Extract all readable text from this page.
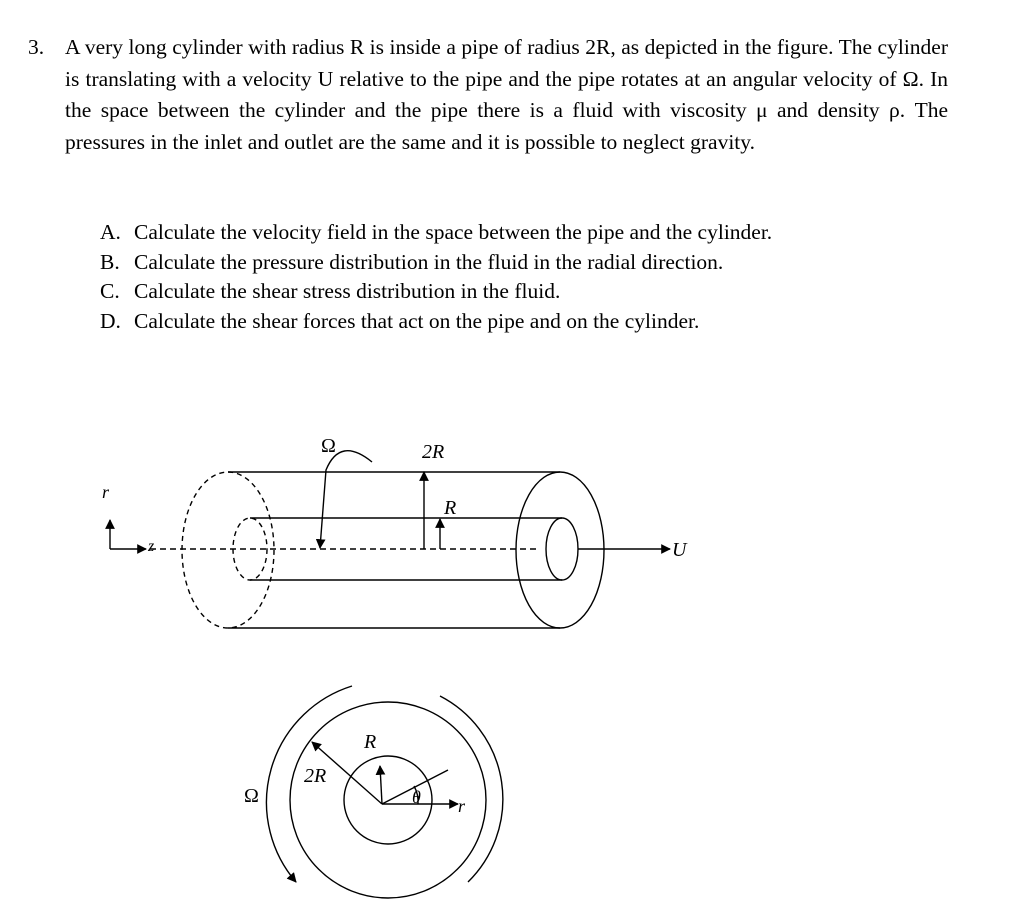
3. A very long cylinder with radius R is inside a pipe of radius 2R, as depicted in the figure. The cylinder is translating with a velocity U relative to the pipe and the pipe rotates at an angular velocity of Ω. In the space between the cylinder and the pipe there is a fluid with viscosity μ and density ρ. The pressures in the inlet and outlet are the same and it is possible to neglect gravity.
A. Calculate the velocity field in the space between the pipe and the cylinder.
B. Calculate the pressure distribution in the fluid in the radial direction.
C. Calculate the shear stress distribution in the fluid.
D. Calculate the shear forces that act on the pipe and on the cylinder.
Ω	2R
R
r
z	U
R
2R
Ω	θ r
